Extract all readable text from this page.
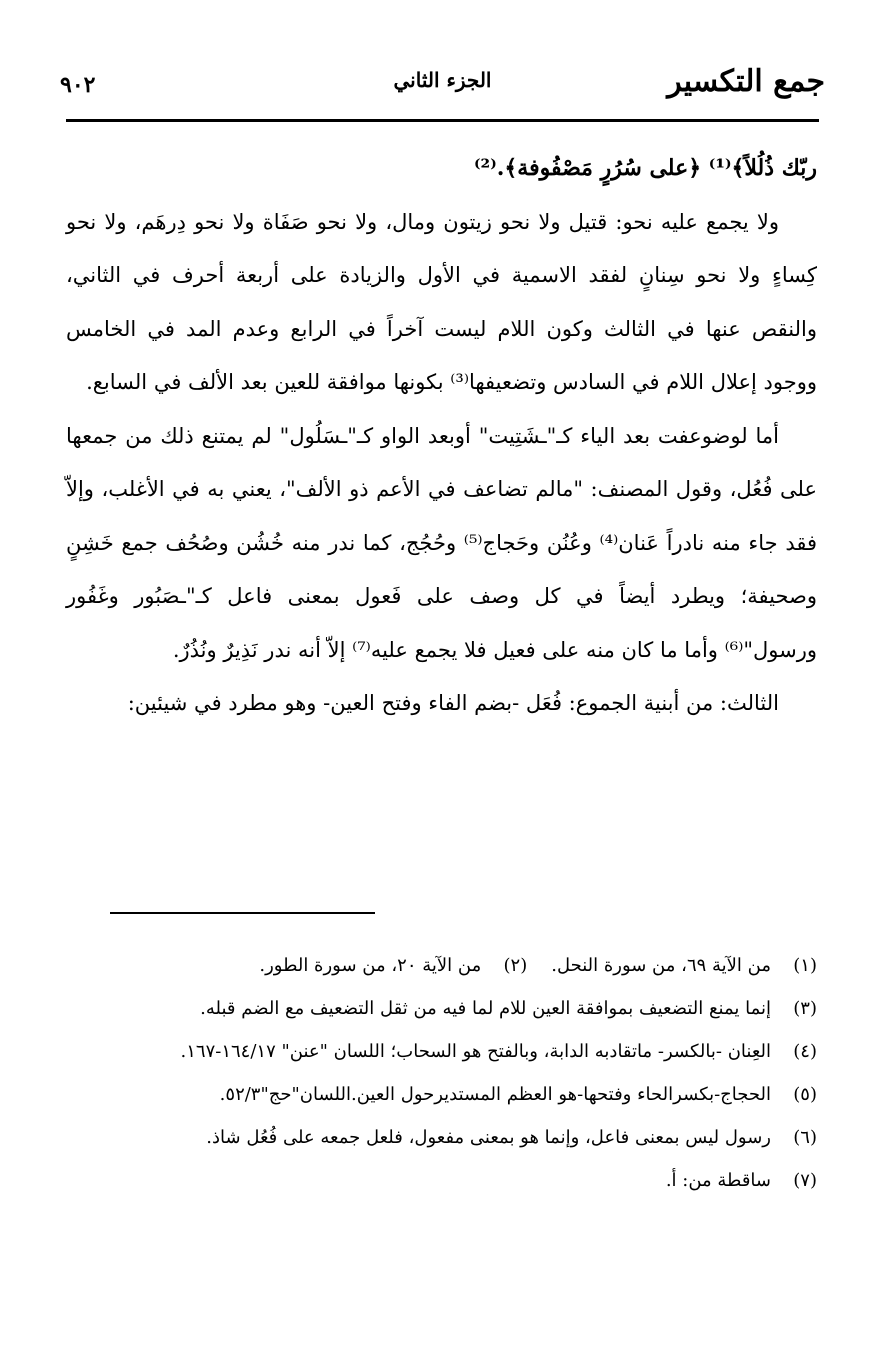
جمع التكسير
الجزء الثاني
٩٠٢

ربّك ذُلُلاً﴾⁽¹⁾ ﴿على سُرُرٍ مَصْفُوفة﴾.⁽²⁾

ولا يجمع عليه نحو: قتيل ولا نحو زيتون ومال، ولا نحو صَفَاة ولا نحو دِرهَم، ولا نحو كِساءٍ ولا نحو سِنانٍ لفقد الاسمية في الأول والزيادة على أربعة أحرف في الثاني، والنقص عنها في الثالث وكون اللام ليست آخراً في الرابع وعدم المد في الخامس ووجود إعلال اللام في السادس وتضعيفها⁽³⁾ بكونها موافقة للعين بعد الألف في السابع.

أما لوضوعفت بعد الياء كـ"ـشَتِيت" أوبعد الواو كـ"ـسَلُول" لم يمتنع ذلك من جمعها على فُعُل، وقول المصنف: "مالم تضاعف في الأعم ذو الألف"، يعني به في الأغلب، وإلاّ فقد جاء منه نادراً عَنان⁽⁴⁾ وعُنُن وحَجاج⁽⁵⁾ وحُجُج، كما ندر منه خُشُن وصُحُف جمع خَشِنٍ وصحيفة؛ ويطرد أيضاً في كل وصف على فَعول بمعنى فاعل كـ"ـصَبُور وغَفُور ورسول"⁽⁶⁾ وأما ما كان منه على فعيل فلا يجمع عليه⁽⁷⁾ إلاّ أنه ندر نَذِيرٌ ونُذُرٌ.

الثالث: من أبنية الجموع: فُعَل -بضم الفاء وفتح العين- وهو مطرد في شيئين:

(١)
من الآية ٦٩، من سورة النحل.
(٢)
من الآية ٢٠، من سورة الطور.
(٣)
إنما يمنع التضعيف بموافقة العين للام لما فيه من ثقل التضعيف مع الضم قبله.
(٤)
العِنان -بالكسر- ماتقادبه الدابة، وبالفتح هو السحاب؛ اللسان "عنن" ١٦٤/١٧-١٦٧.
(٥)
الحجاج-بكسرالحاء وفتحها-هو العظم المستديرحول العين.اللسان"حج"٥٢/٣.
(٦)
رسول ليس بمعنى فاعل، وإنما هو بمعنى مفعول، فلعل جمعه على فُعُل شاذ.
(٧)
ساقطة من: أ.
